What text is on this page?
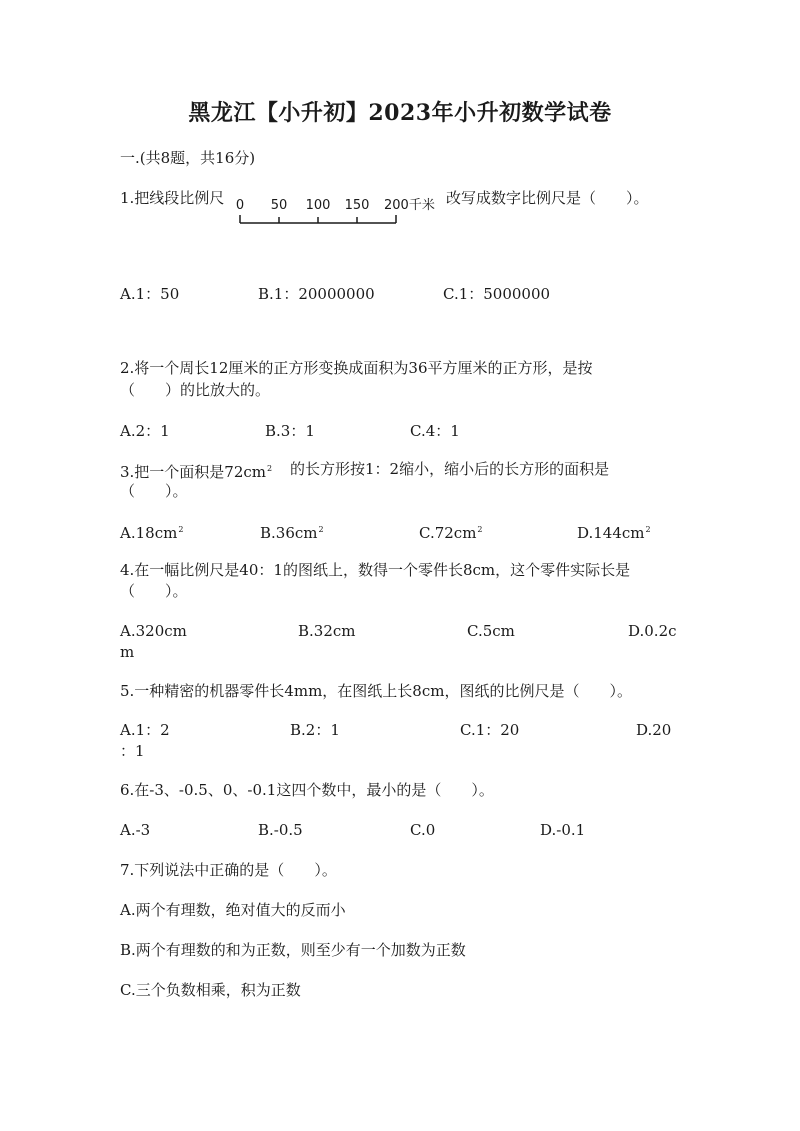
黑龙江【小升初】2023年小升初数学试卷
一.(共8题，共16分)
1.把线段比例尺 0 50 100 150 200千米 改写成数字比例尺是（　　）。
A.1：50	B.1：20000000	C.1：5000000
2.将一个周长12厘米的正方形变换成面积为36平方厘米的正方形，是按
（　　）的比放大的。
A.2：1	B.3：1	C.4：1
3.把一个面积是$72cm^2$ 的长方形按1：2缩小，缩小后的长方形的面积是
（　　）。
$A.18cm^2$	$B.36cm^2$	$C.72cm^2$	$D.144cm^2$
4.在一幅比例尺是40：1的图纸上，数得一个零件长8cm，这个零件实际长是
（　　）。
A.320cm	B.32cm	C.5cm	D.0.2c
m
5.一种精密的机器零件长4mm，在图纸上长8cm，图纸的比例尺是（　　）。
A.1：2	B.2：1	C.1：20	D.20
：1
6.在-3、-0.5、0、-0.1这四个数中，最小的是（　　）。
A.-3	B.-0.5	C.0	D.-0.1
7.下列说法中正确的是（　　）。
A.两个有理数，绝对值大的反而小
B.两个有理数的和为正数，则至少有一个加数为正数
C.三个负数相乘，积为正数
